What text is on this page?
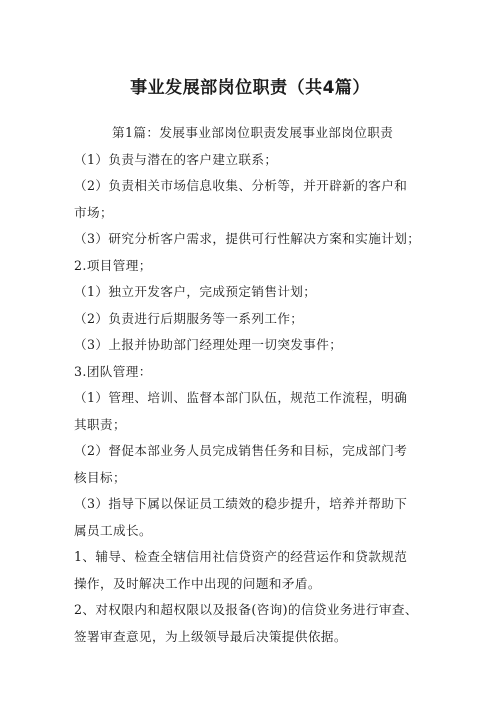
事业发展部岗位职责（共4篇）
第1篇：发展事业部岗位职责发展事业部岗位职责
（1）负责与潜在的客户建立联系；
（2）负责相关市场信息收集、分析等，并开辟新的客户和
市场；
（3）研究分析客户需求，提供可行性解决方案和实施计划；
2.项目管理；
（1）独立开发客户，完成预定销售计划；
（2）负责进行后期服务等一系列工作；
（3）上报并协助部门经理处理一切突发事件；
3.团队管理：
（1）管理、培训、监督本部门队伍，规范工作流程，明确
其职责；
（2）督促本部业务人员完成销售任务和目标，完成部门考
核目标；
（3）指导下属以保证员工绩效的稳步提升，培养并帮助下
属员工成长。
1、辅导、检查全辖信用社信贷资产的经营运作和贷款规范
操作，及时解决工作中出现的问题和矛盾。
2、对权限内和超权限以及报备(咨询)的信贷业务进行审查、
签署审查意见，为上级领导最后决策提供依据。
